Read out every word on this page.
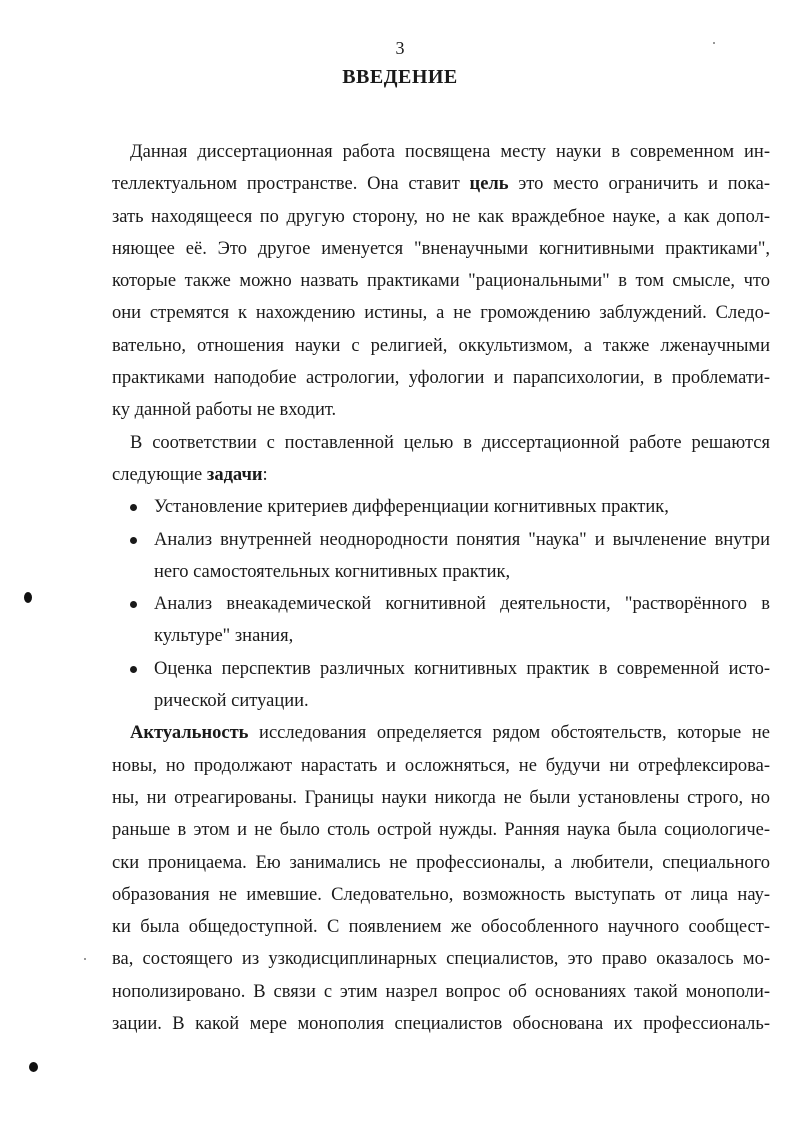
3
ВВЕДЕНИЕ

Данная диссертационная работа посвящена месту науки в современном ин-
теллектуальном пространстве. Она ставит цель это место ограничить и пока-
зать находящееся по другую сторону, но не как враждебное науке, а как допол-
няющее её. Это другое именуется "вненаучными когнитивными практиками",
которые также можно назвать практиками "рациональными" в том смысле, что
они стремятся к нахождению истины, а не громождению заблуждений. Следо-
вательно, отношения науки с религией, оккультизмом, а также лженаучными
практиками наподобие астрологии, уфологии и парапсихологии, в проблемати-
ку данной работы не входит.

В соответствии с поставленной целью в диссертационной работе решаются
следующие задачи:

Установление критериев дифференциации когнитивных практик,
Анализ внутренней неоднородности понятия "наука" и вычленение внутри
него самостоятельных когнитивных практик,
Анализ внеакадемической когнитивной деятельности, "растворённого в
культуре" знания,
Оценка перспектив различных когнитивных практик в современной исто-
рической ситуации.

Актуальность исследования определяется рядом обстоятельств, которые не
новы, но продолжают нарастать и осложняться, не будучи ни отрефлексирова-
ны, ни отреагированы. Границы науки никогда не были установлены строго, но
раньше в этом и не было столь острой нужды. Ранняя наука была социологиче-
ски проницаема. Ею занимались не профессионалы, а любители, специального
образования не имевшие. Следовательно, возможность выступать от лица нау-
ки была общедоступной. С появлением же обособленного научного сообщест-
ва, состоящего из узкодисциплинарных специалистов, это право оказалось мо-
нополизировано. В связи с этим назрел вопрос об основаниях такой монополи-
зации. В какой мере монополия специалистов обоснована их профессиональ-
